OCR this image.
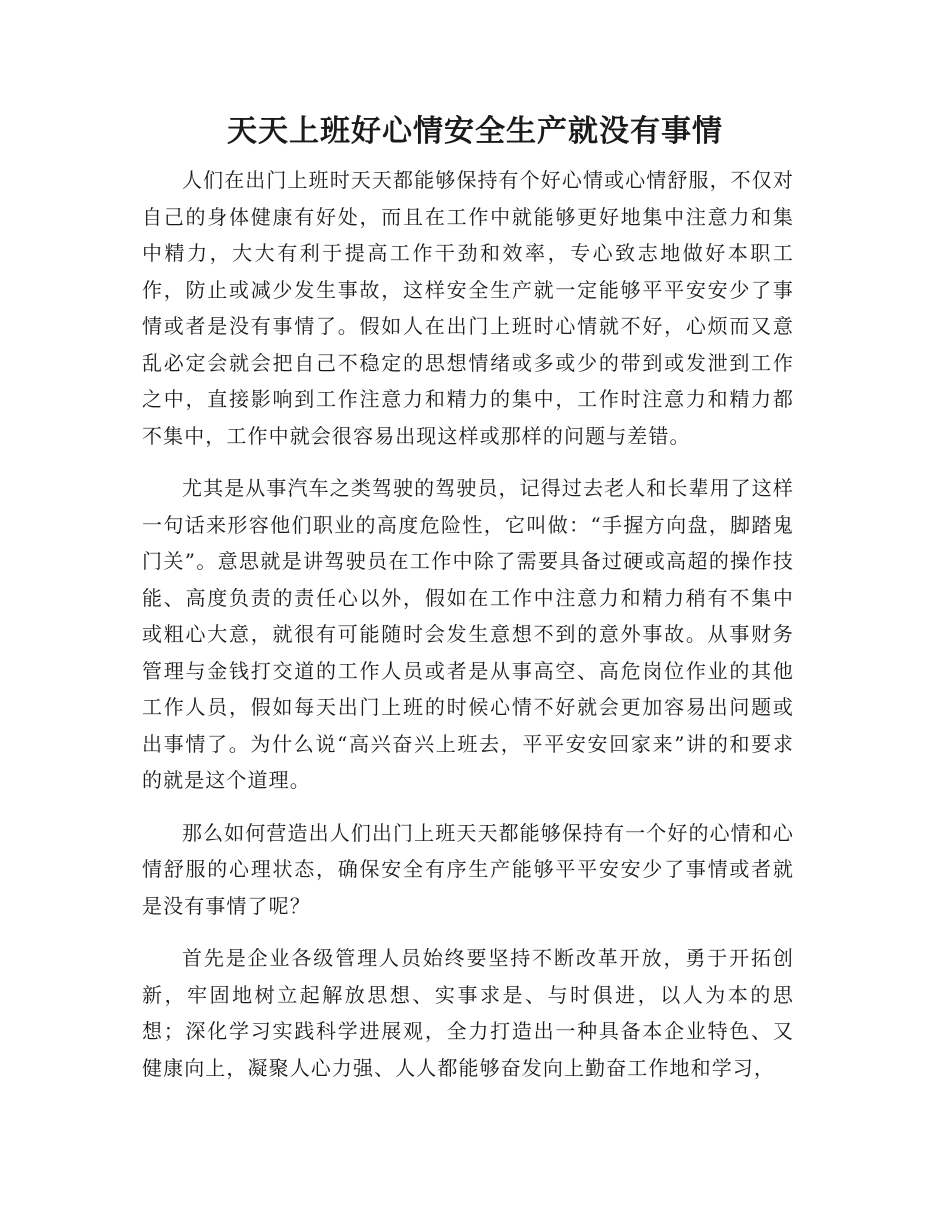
天天上班好心情安全生产就没有事情

人们在出门上班时天天都能够保持有个好心情或心情舒服，不仅对自己的身体健康有好处，而且在工作中就能够更好地集中注意力和集中精力，大大有利于提高工作干劲和效率，专心致志地做好本职工作，防止或减少发生事故，这样安全生产就一定能够平平安安少了事情或者是没有事情了。假如人在出门上班时心情就不好，心烦而又意乱必定会就会把自己不稳定的思想情绪或多或少的带到或发泄到工作之中，直接影响到工作注意力和精力的集中，工作时注意力和精力都不集中，工作中就会很容易出现这样或那样的问题与差错。

尤其是从事汽车之类驾驶的驾驶员，记得过去老人和长辈用了这样一句话来形容他们职业的高度危险性，它叫做：“手握方向盘，脚踏鬼门关”。意思就是讲驾驶员在工作中除了需要具备过硬或高超的操作技能、高度负责的责任心以外，假如在工作中注意力和精力稍有不集中或粗心大意，就很有可能随时会发生意想不到的意外事故。从事财务管理与金钱打交道的工作人员或者是从事高空、高危岗位作业的其他工作人员，假如每天出门上班的时候心情不好就会更加容易出问题或出事情了。为什么说“高兴奋兴上班去，平平安安回家来”讲的和要求的就是这个道理。

那么如何营造出人们出门上班天天都能够保持有一个好的心情和心情舒服的心理状态，确保安全有序生产能够平平安安少了事情或者就是没有事情了呢？

首先是企业各级管理人员始终要坚持不断改革开放，勇于开拓创新，牢固地树立起解放思想、实事求是、与时俱进，以人为本的思想；深化学习实践科学进展观，全力打造出一种具备本企业特色、又健康向上，凝聚人心力强、人人都能够奋发向上勤奋工作地和学习，
